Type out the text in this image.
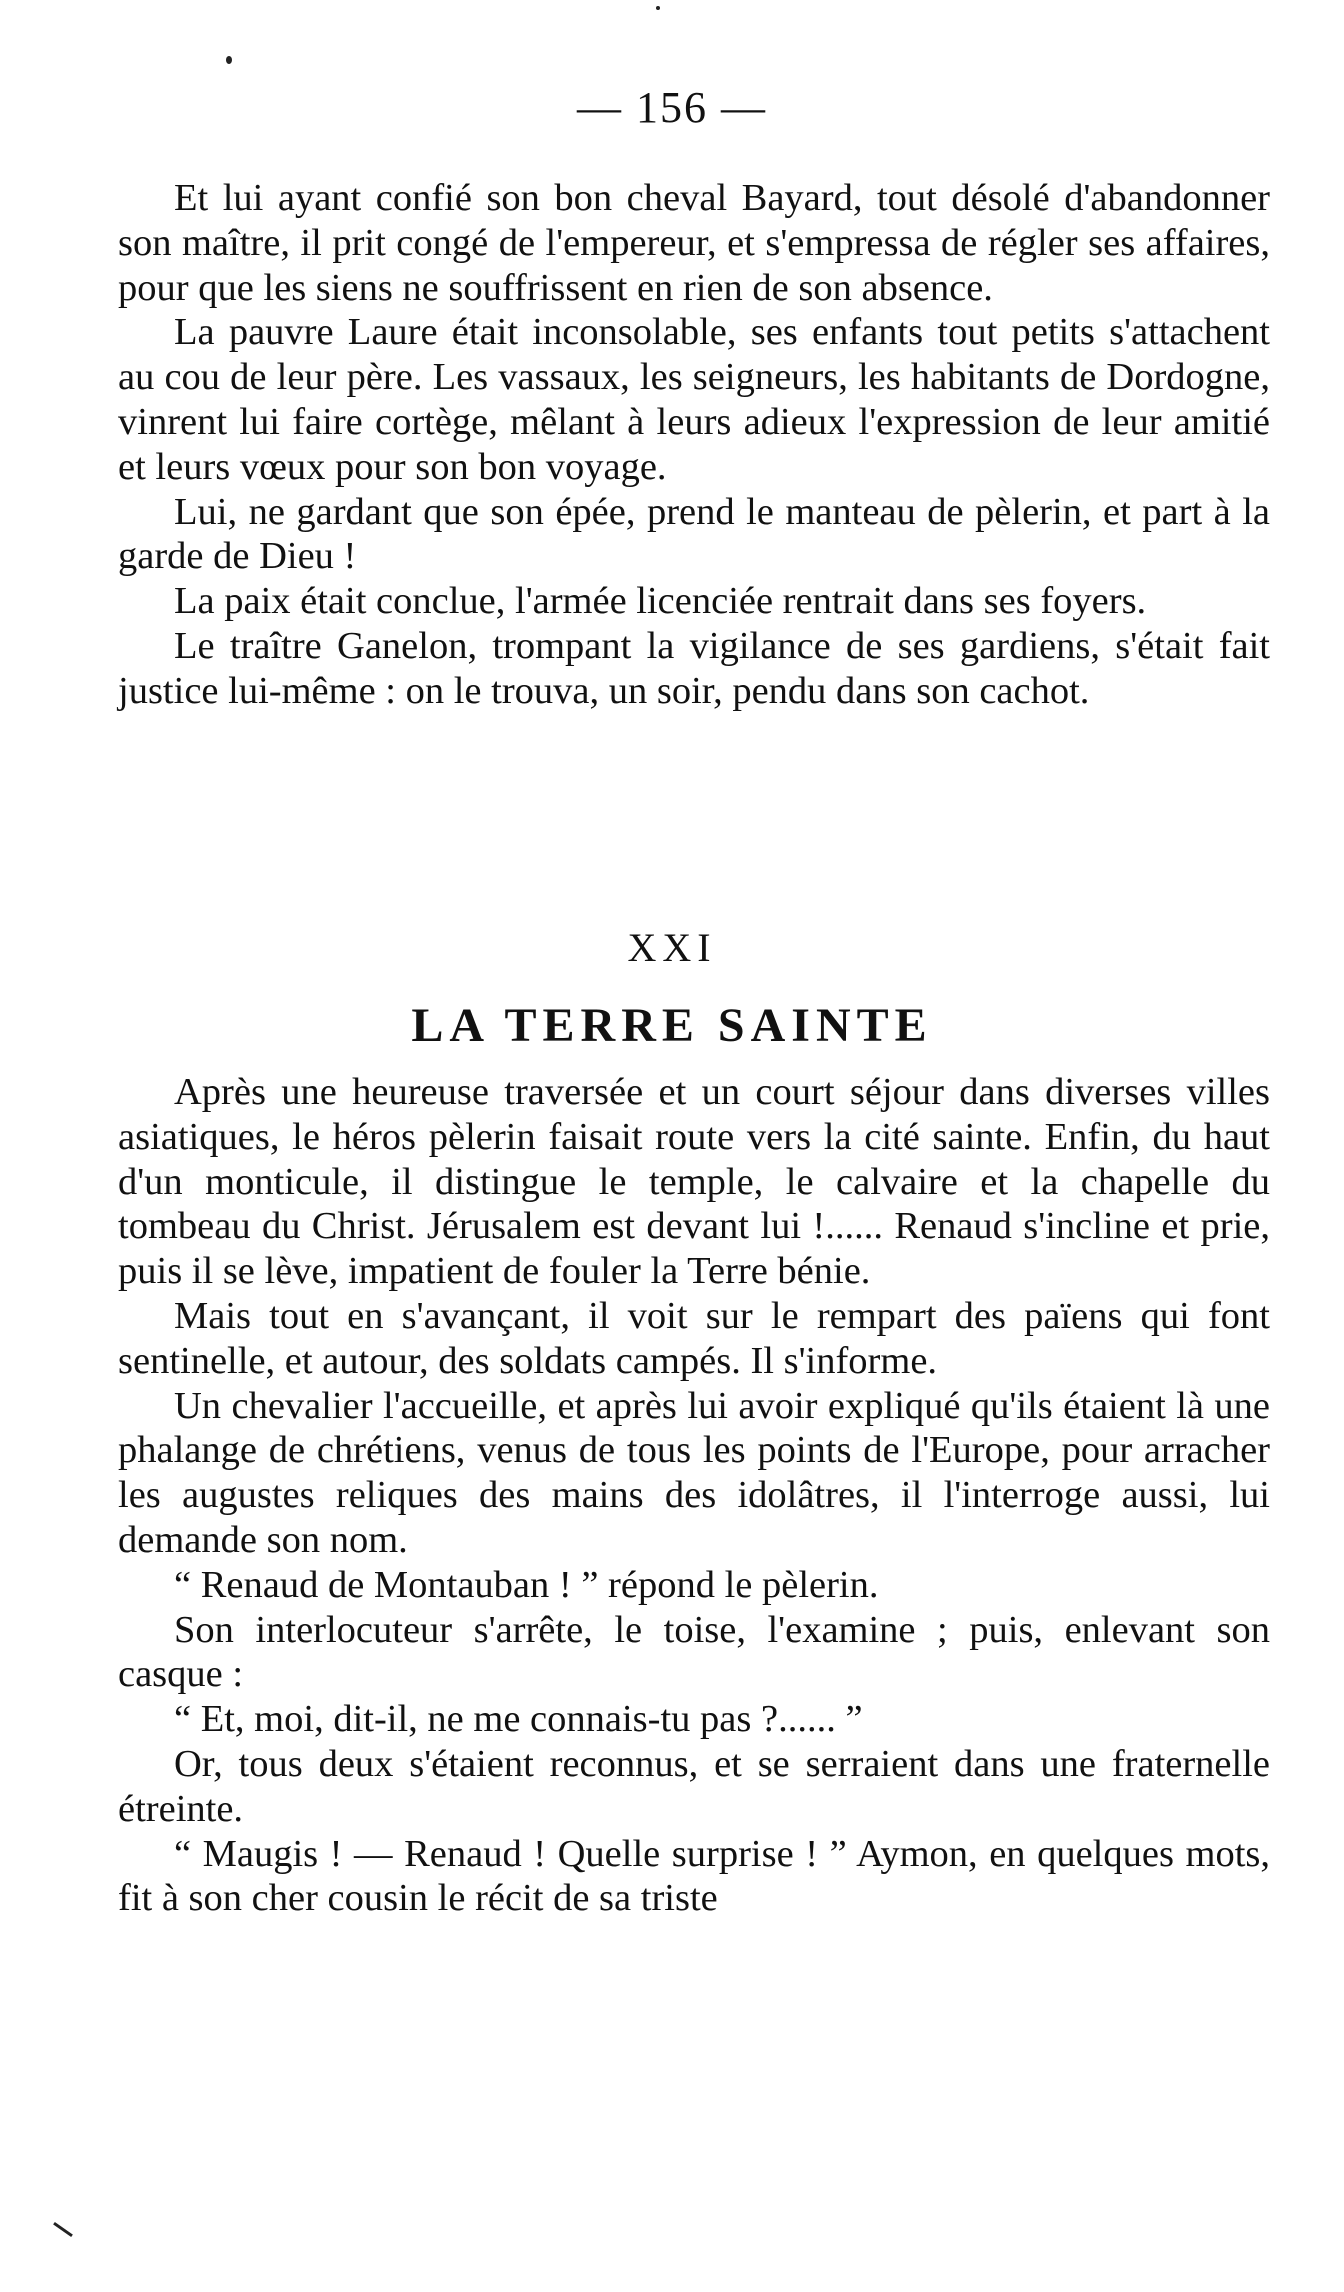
— 156 —

Et lui ayant confié son bon cheval Bayard, tout désolé d'abandonner son maître, il prit congé de l'empereur, et s'empressa de régler ses affaires, pour que les siens ne souffrissent en rien de son absence.

La pauvre Laure était inconsolable, ses enfants tout petits s'attachent au cou de leur père. Les vassaux, les seigneurs, les habitants de Dordogne, vinrent lui faire cortège, mêlant à leurs adieux l'expression de leur amitié et leurs vœux pour son bon voyage.

Lui, ne gardant que son épée, prend le manteau de pèlerin, et part à la garde de Dieu !

La paix était conclue, l'armée licenciée rentrait dans ses foyers.

Le traître Ganelon, trompant la vigilance de ses gardiens, s'était fait justice lui-même : on le trouva, un soir, pendu dans son cachot.

XXI
LA TERRE SAINTE

Après une heureuse traversée et un court séjour dans diverses villes asiatiques, le héros pèlerin faisait route vers la cité sainte. Enfin, du haut d'un monticule, il distingue le temple, le calvaire et la chapelle du tombeau du Christ. Jérusalem est devant lui !...... Renaud s'incline et prie, puis il se lève, impatient de fouler la Terre bénie.

Mais tout en s'avançant, il voit sur le rempart des païens qui font sentinelle, et autour, des soldats campés. Il s'informe.

Un chevalier l'accueille, et après lui avoir expliqué qu'ils étaient là une phalange de chrétiens, venus de tous les points de l'Europe, pour arracher les augustes reliques des mains des idolâtres, il l'interroge aussi, lui demande son nom.

“ Renaud de Montauban ! ” répond le pèlerin.

Son interlocuteur s'arrête, le toise, l'examine ; puis, enlevant son casque :

“ Et, moi, dit-il, ne me connais-tu pas ?...... ”

Or, tous deux s'étaient reconnus, et se serraient dans une fraternelle étreinte.

“ Maugis ! — Renaud ! Quelle surprise ! ” Aymon, en quelques mots, fit à son cher cousin le récit de sa triste
